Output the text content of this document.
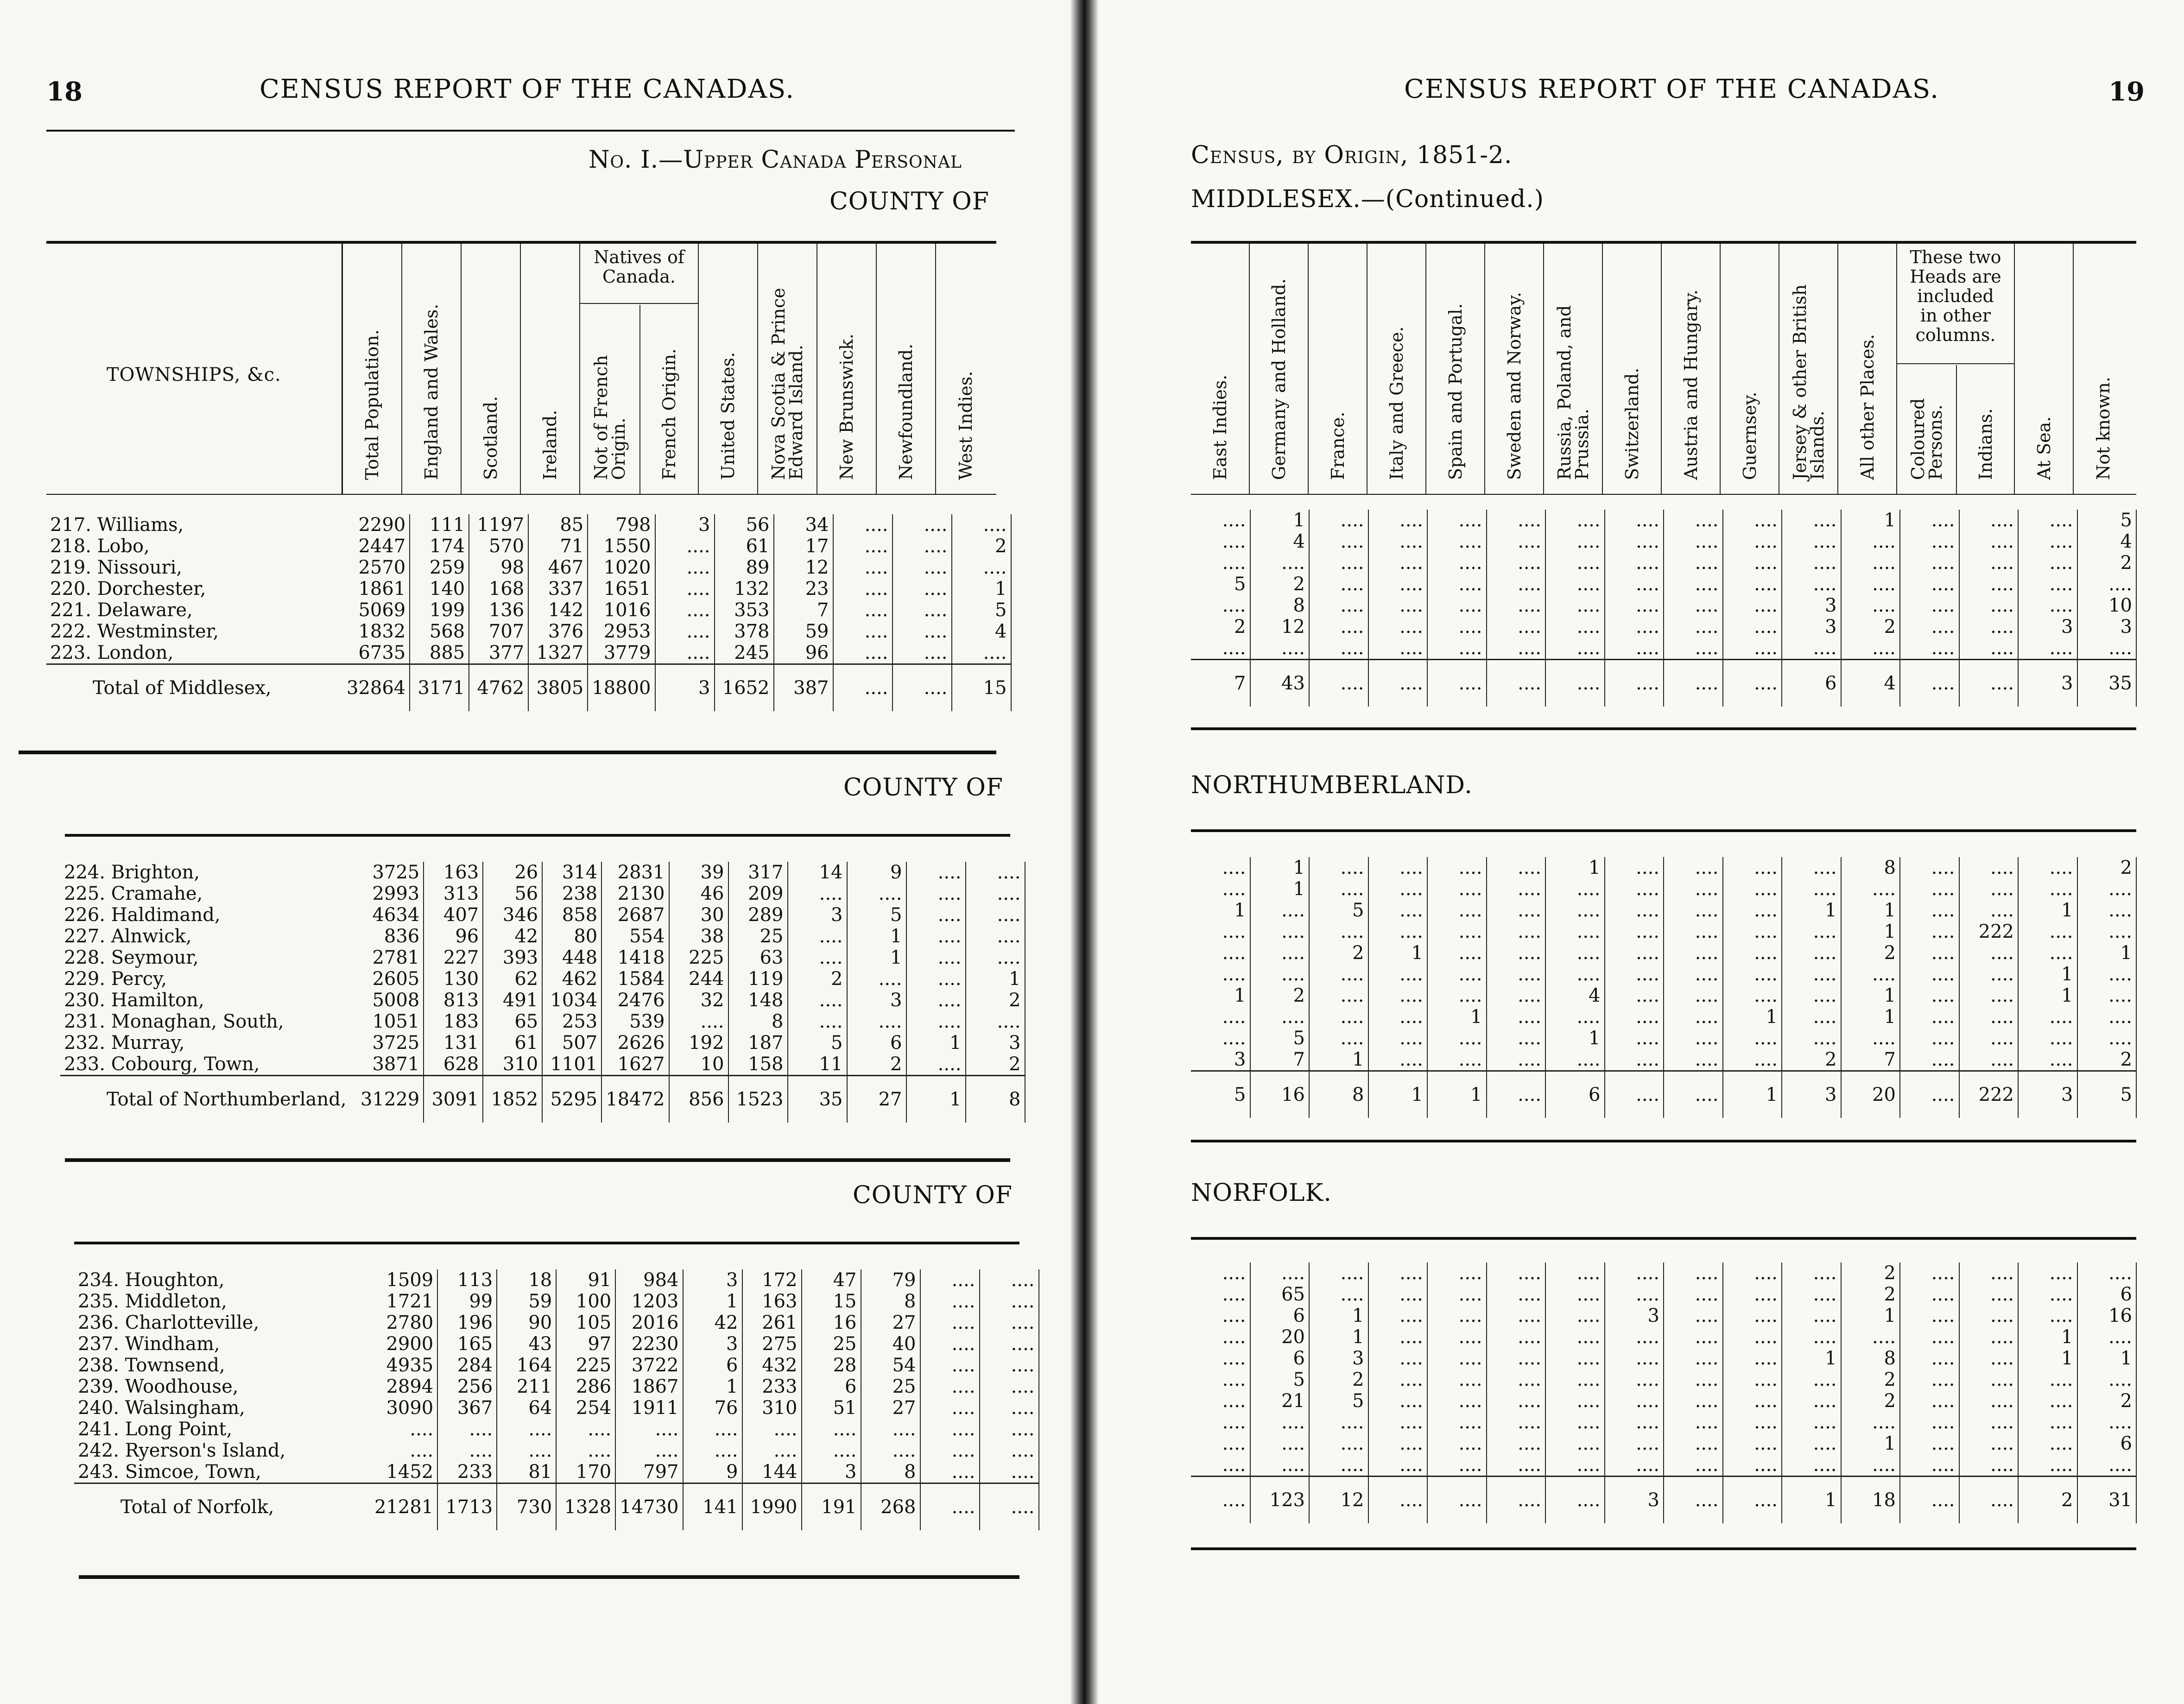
18	CENSUS REPORT OF THE CANADAS.
No. I.—Upper Canada Personal
COUNTY OF
TOWNSHIPS, &c.	Total Population. England and Wales. Scotland. Ireland.
Natives of Canada.
Not of French
Origin. French Origin. United States. Nova Scotia & Prince
Edward Island. New Brunswick. Newfoundland. West Indies.
217. Williams,	2290	111	1197	85	798	3	56	34	....	....	....
218. Lobo,	2447	174	570	71	1550	....	61	17	....	....	2
219. Nissouri,	2570	259	98	467	1020	....	89	12	....	....	....
220. Dorchester,	1861	140	168	337	1651	....	132	23	....	....	1
221. Delaware,	5069	199	136	142	1016	....	353	7	....	....	5
222. Westminster,	1832	568	707	376	2953	....	378	59	....	....	4
223. London,	6735	885	377	1327	3779	....	245	96	....	....	....
Total of Middlesex,	32864	3171	4762	3805	18800	3	1652	387	....	....	15
COUNTY OF
224. Brighton,	3725	163	26	314	2831	39	317	14	9	....	....
225. Cramahe,	2993	313	56	238	2130	46	209	....	....	....	....
226. Haldimand,	4634	407	346	858	2687	30	289	3	5	....	....
227. Alnwick,	836	96	42	80	554	38	25	....	1	....	....
228. Seymour,	2781	227	393	448	1418	225	63	....	1	....	....
229. Percy,	2605	130	62	462	1584	244	119	2	....	....	1
230. Hamilton,	5008	813	491	1034	2476	32	148	....	3	....	2
231. Monaghan, South,	1051	183	65	253	539	....	8	....	....	....	....
232. Murray,	3725	131	61	507	2626	192	187	5	6	1	3
233. Cobourg, Town,	3871	628	310	1101	1627	10	158	11	2	....	2
Total of Northumberland,	31229	3091	1852	5295	18472	856	1523	35	27	1	8
COUNTY OF
234. Houghton,	1509	113	18	91	984	3	172	47	79	....	....
235. Middleton,	1721	99	59	100	1203	1	163	15	8	....	....
236. Charlotteville,	2780	196	90	105	2016	42	261	16	27	....	....
237. Windham,	2900	165	43	97	2230	3	275	25	40	....	....
238. Townsend,	4935	284	164	225	3722	6	432	28	54	....	....
239. Woodhouse,	2894	256	211	286	1867	1	233	6	25	....	....
240. Walsingham,	3090	367	64	254	1911	76	310	51	27	....	....
241. Long Point,	....	....	....	....	....	....	....	....	....	....	....
242. Ryerson's Island,	....	....	....	....	....	....	....	....	....	....	....
243. Simcoe, Town,	1452	233	81	170	797	9	144	3	8	....	....
Total of Norfolk,	21281	1713	730	1328	14730	141	1990	191	268	....	....
CENSUS REPORT OF THE CANADAS.	19
Census, by Origin, 1851-2.
MIDDLESEX.—(Continued.)
East Indies. Germany and Holland. France. Italy and Greece. Spain and Portugal. Sweden and Norway. Russia, Poland, and
Prussia. Switzerland. Austria and Hungary. Guernsey. Jersey & other British
Islands. All other Places.
These two Heads are included in other columns.
Coloured
Persons. Indians. At Sea. Not known.
....	1	....	....	....	....	....	....	....	....	....	1	....	....	....	5
....	4	....	....	....	....	....	....	....	....	....	....	....	....	....	4
....	....	....	....	....	....	....	....	....	....	....	....	....	....	....	2
5	2	....	....	....	....	....	....	....	....	....	....	....	....	....	....
....	8	....	....	....	....	....	....	....	....	3	....	....	....	....	10
2	12	....	....	....	....	....	....	....	....	3	2	....	....	3	3
....	....	....	....	....	....	....	....	....	....	....	....	....	....	....	....
7	43	....	....	....	....	....	....	....	....	6	4	....	....	3	35
NORTHUMBERLAND.
....	1	....	....	....	....	1	....	....	....	....	8	....	....	....	2
....	1	....	....	....	....	....	....	....	....	....	....	....	....	....	....
1	....	5	....	....	....	....	....	....	....	1	1	....	....	1	....
....	....	....	....	....	....	....	....	....	....	....	1	....	222	....	....
....	....	2	1	....	....	....	....	....	....	....	2	....	....	....	1
....	....	....	....	....	....	....	....	....	....	....	....	....	....	1	....
1	2	....	....	....	....	4	....	....	....	....	1	....	....	1	....
....	....	....	....	1	....	....	....	....	1	....	1	....	....	....	....
....	5	....	....	....	....	1	....	....	....	....	....	....	....	....	....
3	7	1	....	....	....	....	....	....	....	2	7	....	....	....	2
5	16	8	1	1	....	6	....	....	1	3	20	....	222	3	5
NORFOLK.
....	....	....	....	....	....	....	....	....	....	....	2	....	....	....	....
....	65	....	....	....	....	....	....	....	....	....	2	....	....	....	6
....	6	1	....	....	....	....	3	....	....	....	1	....	....	....	16
....	20	1	....	....	....	....	....	....	....	....	....	....	....	1	....
....	6	3	....	....	....	....	....	....	....	1	8	....	....	1	1
....	5	2	....	....	....	....	....	....	....	....	2	....	....	....	....
....	21	5	....	....	....	....	....	....	....	....	2	....	....	....	2
....	....	....	....	....	....	....	....	....	....	....	....	....	....	....	....
....	....	....	....	....	....	....	....	....	....	....	1	....	....	....	6
....	....	....	....	....	....	....	....	....	....	....	....	....	....	....	....
....	123	12	....	....	....	....	3	....	....	1	18	....	....	2	31
